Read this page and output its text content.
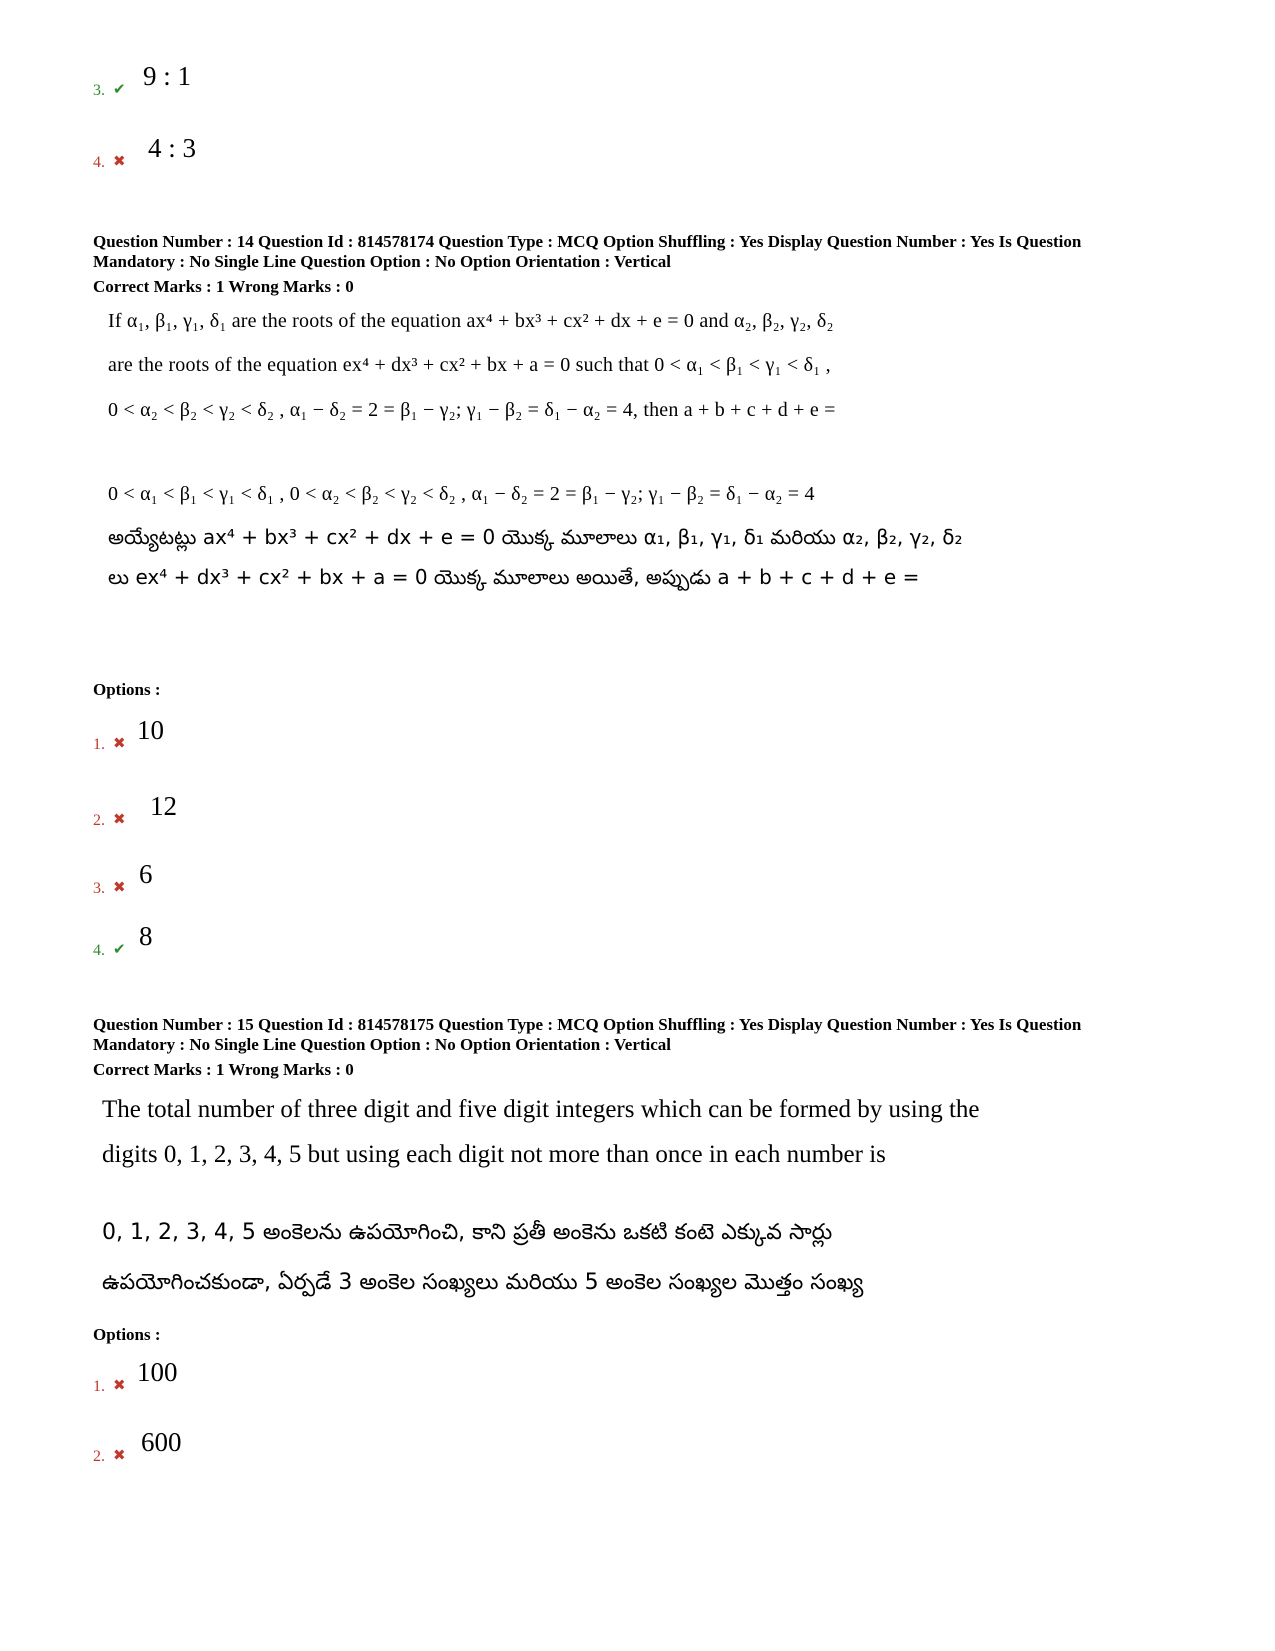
3. ✔ 9 : 1
4. ✖ 4 : 3
Question Number : 14 Question Id : 814578174 Question Type : MCQ Option Shuffling : Yes Display Question Number : Yes Is Question
Mandatory : No Single Line Question Option : No Option Orientation : Vertical
Correct Marks : 1 Wrong Marks : 0
If α₁, β₁, γ₁, δ₁ are the roots of the equation ax⁴ + bx³ + cx² + dx + e = 0 and α₂, β₂, γ₂, δ₂
are the roots of the equation ex⁴ + dx³ + cx² + bx + a = 0 such that 0 < α₁ < β₁ < γ₁ < δ₁ ,
0 < α₂ < β₂ < γ₂ < δ₂ , α₁ − δ₂ = 2 = β₁ − γ₂; γ₁ − β₂ = δ₁ − α₂ = 4, then a + b + c + d + e =
0 < α₁ < β₁ < γ₁ < δ₁ , 0 < α₂ < β₂ < γ₂ < δ₂ , α₁ − δ₂ = 2 = β₁ − γ₂; γ₁ − β₂ = δ₁ − α₂ = 4
అయ్యేటట్లు ax⁴ + bx³ + cx² + dx + e = 0 యొక్క మూలాలు α₁, β₁, γ₁, δ₁ మరియు α₂, β₂, γ₂, δ₂
లు ex⁴ + dx³ + cx² + bx + a = 0 యొక్క మూలాలు అయితే, అప్పుడు a + b + c + d + e =
Options :
1. ✖ 10
2. ✖ 12
3. ✖ 6
4. ✔ 8
Question Number : 15 Question Id : 814578175 Question Type : MCQ Option Shuffling : Yes Display Question Number : Yes Is Question
Mandatory : No Single Line Question Option : No Option Orientation : Vertical
Correct Marks : 1 Wrong Marks : 0
The total number of three digit and five digit integers which can be formed by using the
digits 0, 1, 2, 3, 4, 5 but using each digit not more than once in each number is
0, 1, 2, 3, 4, 5 అంకెలను ఉపయోగించి, కాని ప్రతీ అంకెను ఒకటి కంటె ఎక్కువ సార్లు
ఉపయోగించకుండా, ఏర్పడే 3 అంకెల సంఖ్యలు మరియు 5 అంకెల సంఖ్యల మొత్తం సంఖ్య
Options :
1. ✖ 100
2. ✖ 600
